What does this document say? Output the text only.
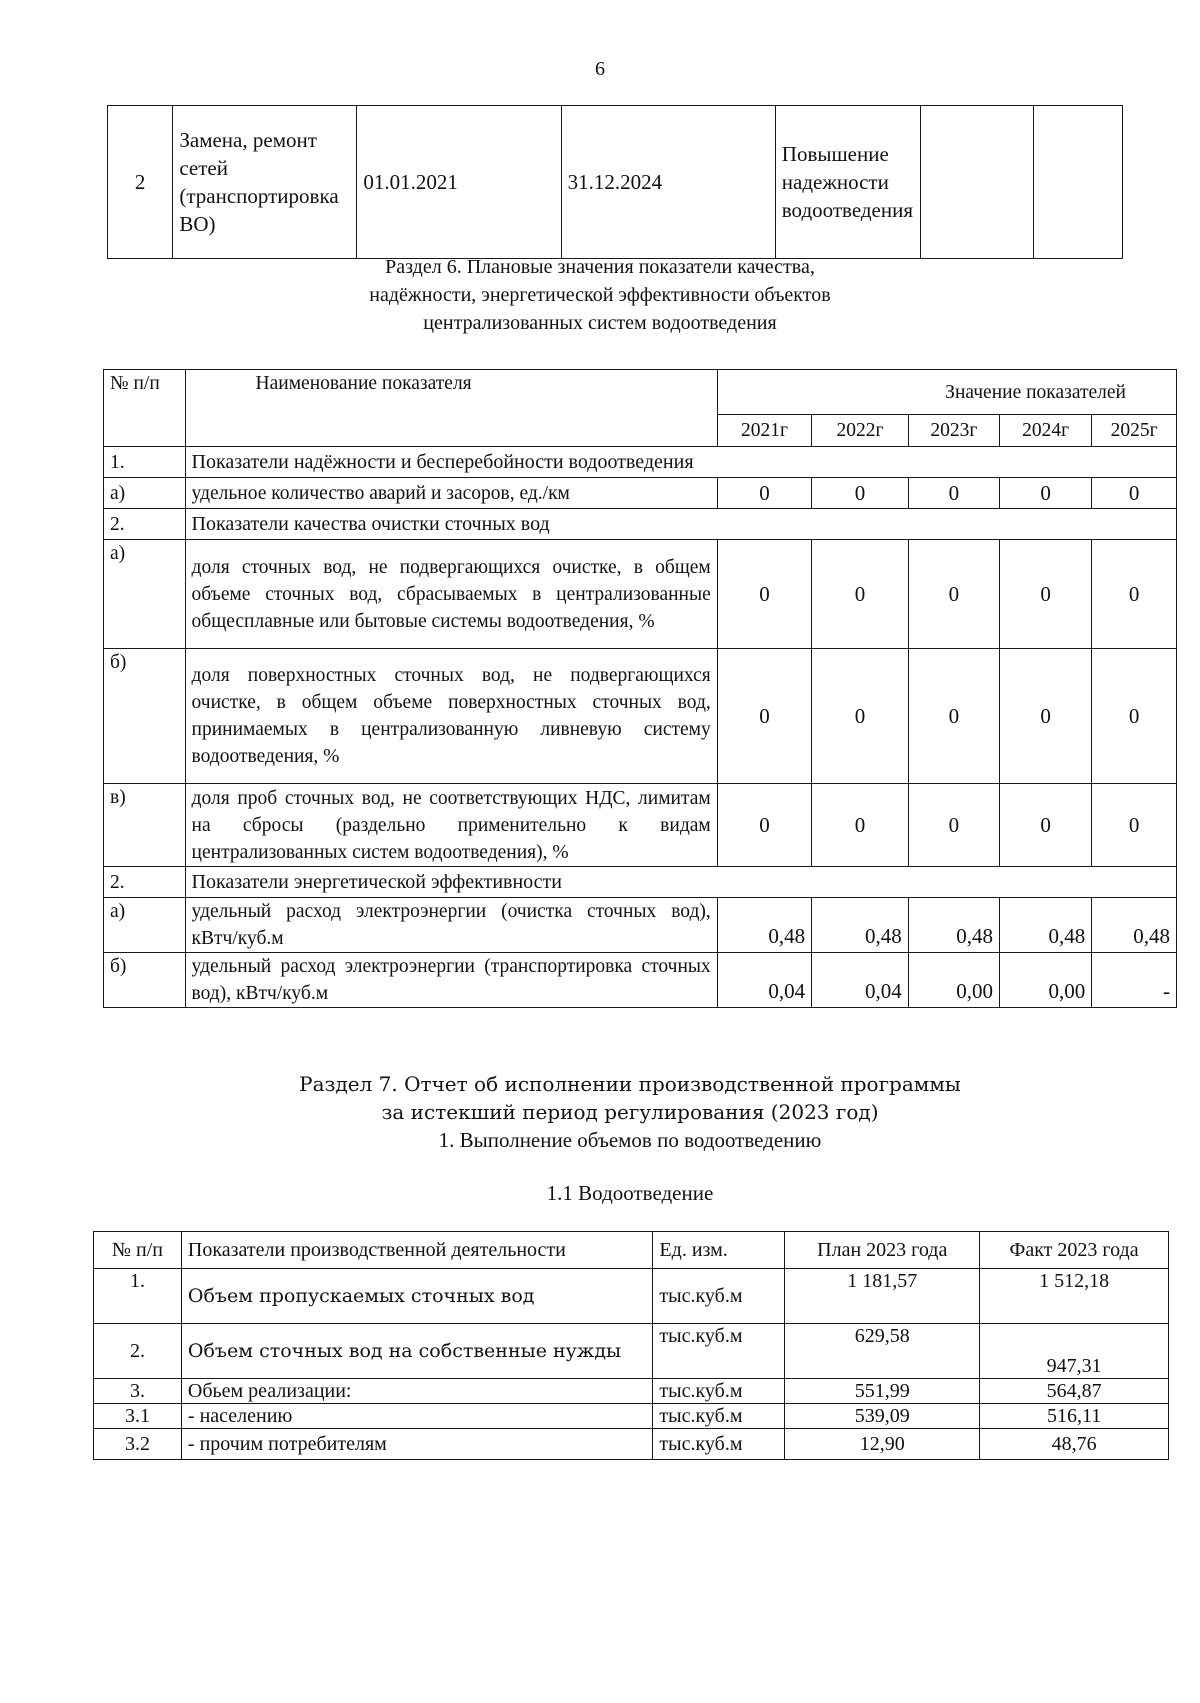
6
2	Замена, ремонт сетей (транспортировка ВО)	01.01.2021	31.12.2024	Повышение надежности водоотведения		
Раздел 6. Плановые значения показатели качества,
надёжности, энергетической эффективности объектов
централизованных систем водоотведения
№ п/п	Наименование показателя	Значение показателей				
		2021г	2022г	2023г	2024г	2025г
1.	Показатели надёжности и бесперебойности водоотведения					
а)	удельное количество аварий и засоров, ед./км	0	0	0	0	0
2.	Показатели качества очистки сточных вод					
а)	доля сточных вод, не подвергающихся очистке, в общем объеме сточных вод, сбрасываемых в централизованные общесплавные или бытовые системы водоотведения, %	0	0	0	0	0
б)	доля поверхностных сточных вод, не подвергающихся очистке, в общем объеме поверхностных сточных вод, принимаемых в централизованную ливневую систему водоотведения, %	0	0	0	0	0
в)	доля проб сточных вод, не соответствующих НДС, лимитам на сбросы (раздельно применительно к видам централизованных систем водоотведения), %	0	0	0	0	0
2.	Показатели энергетической эффективности					
а)	удельный расход электроэнергии (очистка сточных вод), кВтч/куб.м	0,48	0,48	0,48	0,48	0,48
б)	удельный расход электроэнергии (транспортировка сточных вод), кВтч/куб.м	0,04	0,04	0,00	0,00	-
Раздел 7. Отчет об исполнении производственной программы
за истекший период регулирования (2023 год)
1. Выполнение объемов по водоотведению
1.1 Водоотведение
№ п/п	Показатели производственной деятельности	Ед. изм.	План 2023 года	Факт 2023 года
1.	Объем пропускаемых сточных вод	тыс.куб.м	1 181,57	1 512,18
2.	Объем сточных вод на собственные нужды	тыс.куб.м	629,58	947,31
3.	Обьем реализации:	тыс.куб.м	551,99	564,87
3.1	- населению	тыс.куб.м	539,09	516,11
3.2	- прочим потребителям	тыс.куб.м	12,90	48,76
